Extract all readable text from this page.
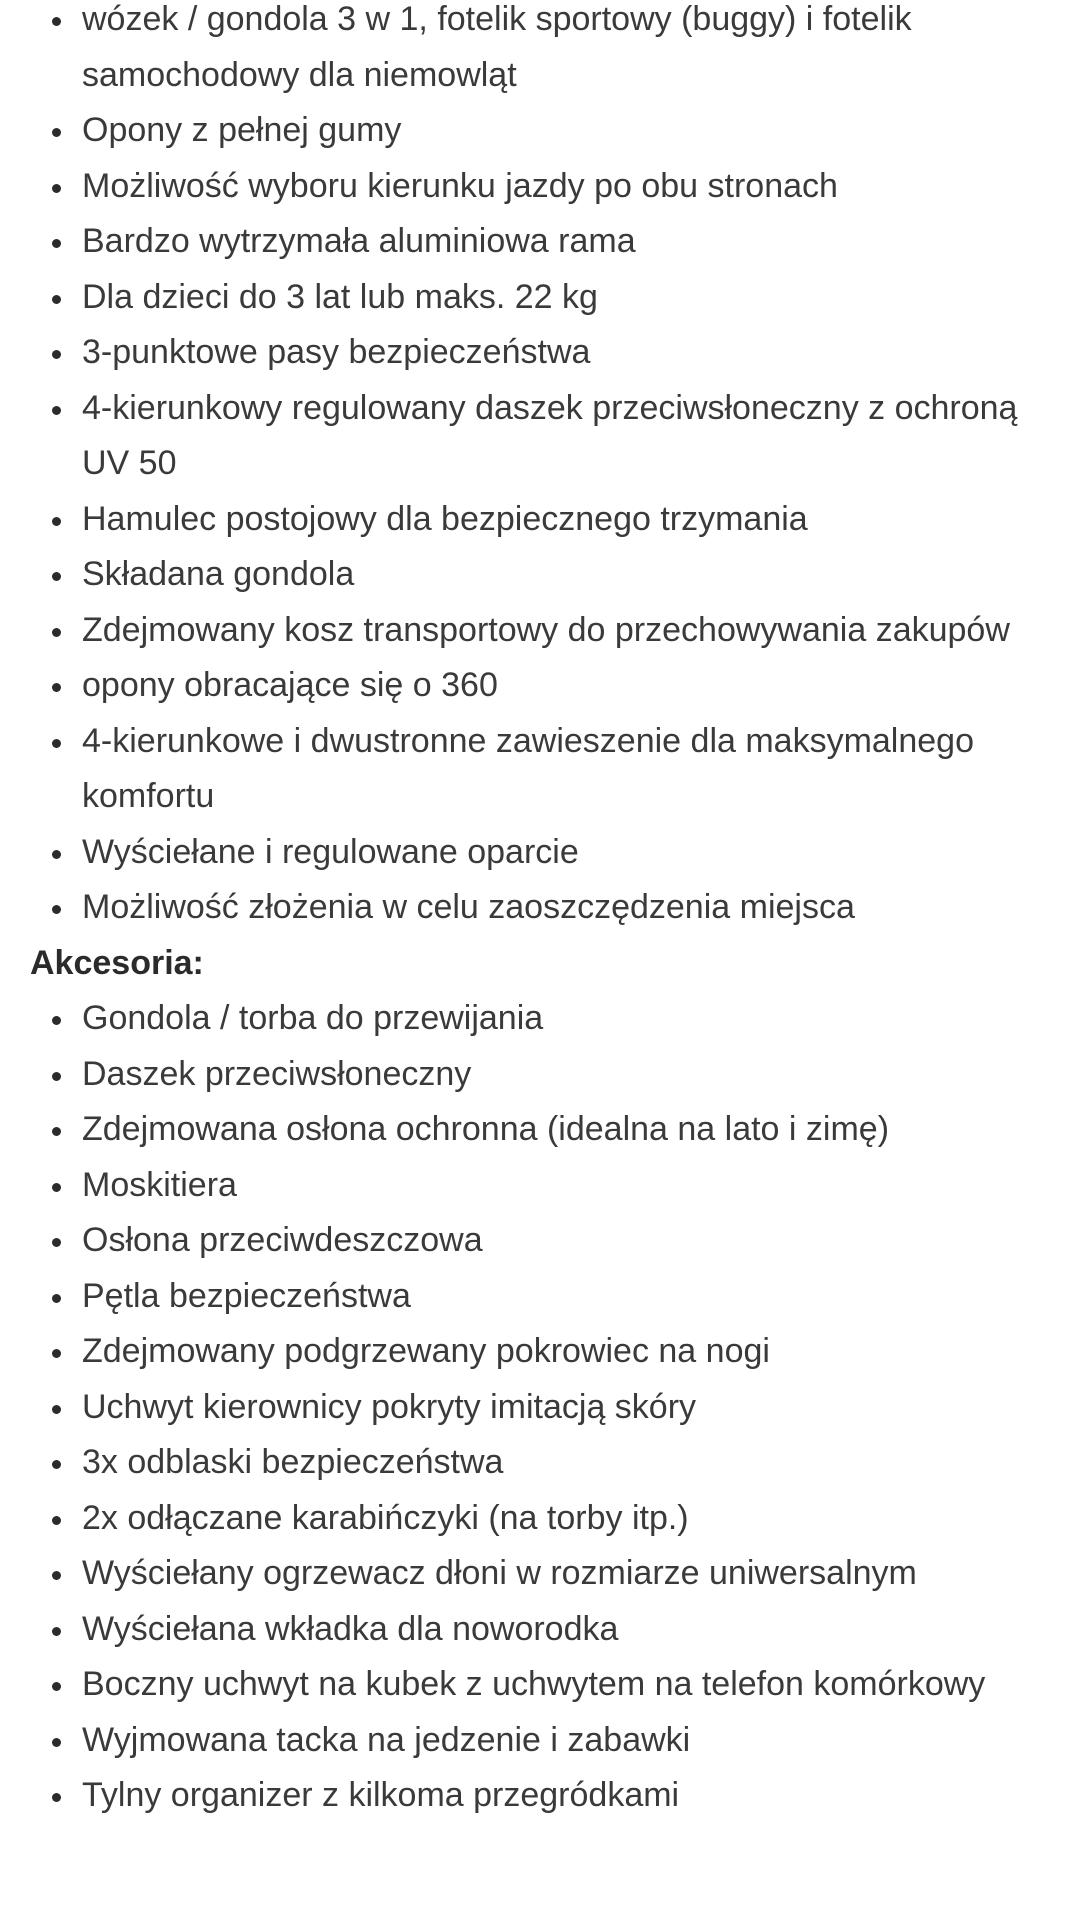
wózek / gondola 3 w 1, fotelik sportowy (buggy) i fotelik samochodowy dla niemowląt
Opony z pełnej gumy
Możliwość wyboru kierunku jazdy po obu stronach
Bardzo wytrzymała aluminiowa rama
Dla dzieci do 3 lat lub maks. 22 kg
3-punktowe pasy bezpieczeństwa
4-kierunkowy regulowany daszek przeciwsłoneczny z ochroną UV 50
Hamulec postojowy dla bezpiecznego trzymania
Składana gondola
Zdejmowany kosz transportowy do przechowywania zakupów
opony obracające się o 360
4-kierunkowe i dwustronne zawieszenie dla maksymalnego komfortu
Wyściełane i regulowane oparcie
Możliwość złożenia w celu zaoszczędzenia miejsca
Akcesoria:
Gondola / torba do przewijania
Daszek przeciwsłoneczny
Zdejmowana osłona ochronna (idealna na lato i zimę)
Moskitiera
Osłona przeciwdeszczowa
Pętla bezpieczeństwa
Zdejmowany podgrzewany pokrowiec na nogi
Uchwyt kierownicy pokryty imitacją skóry
3x odblaski bezpieczeństwa
2x odłączane karabińczyki (na torby itp.)
Wyściełany ogrzewacz dłoni w rozmiarze uniwersalnym
Wyściełana wkładka dla noworodka
Boczny uchwyt na kubek z uchwytem na telefon komórkowy
Wyjmowana tacka na jedzenie i zabawki
Tylny organizer z kilkoma przegródkami
